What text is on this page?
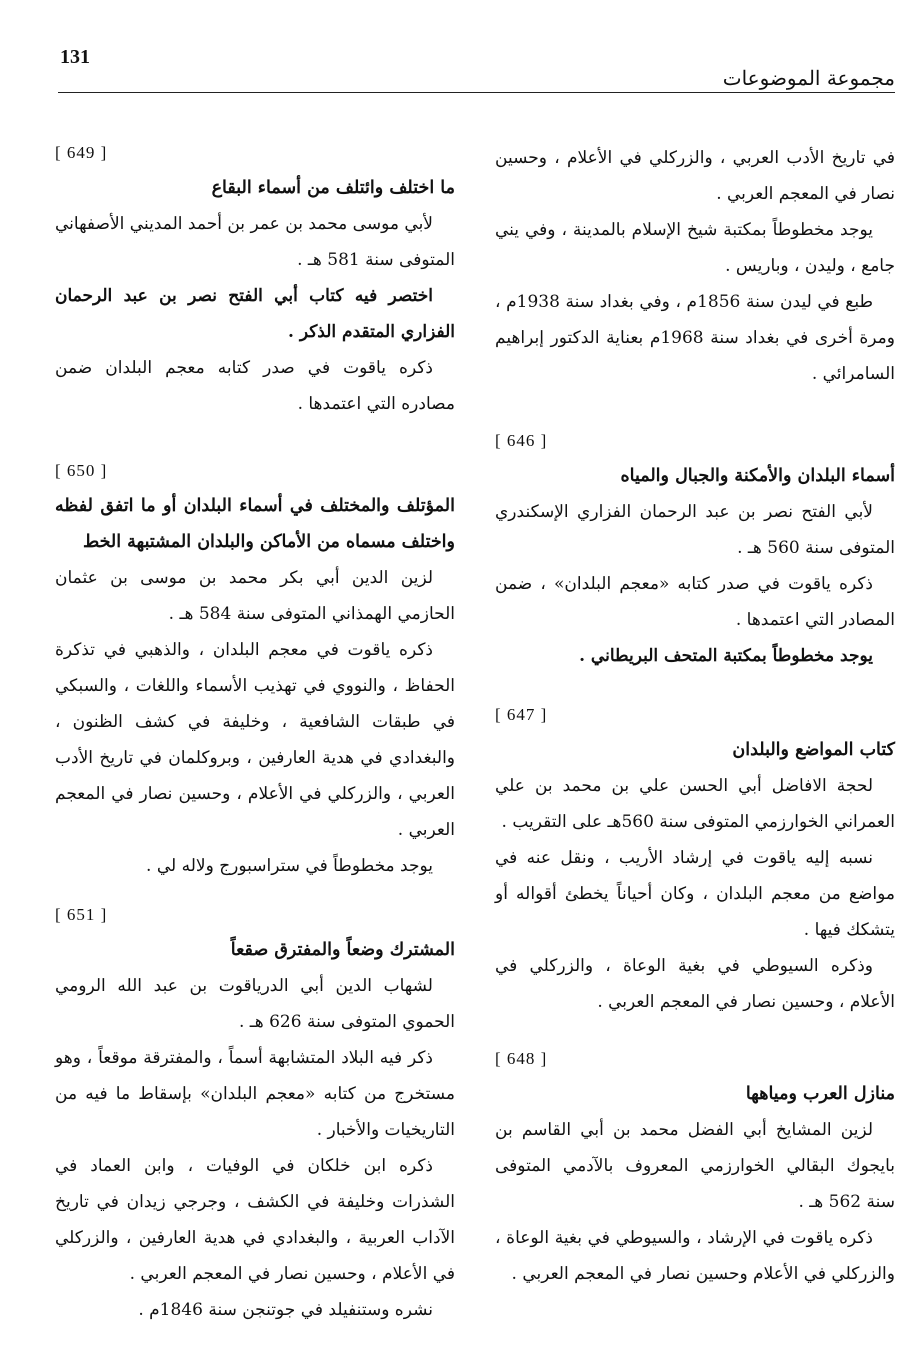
131
مجموعة الموضوعات

في تاريخ الأدب العربي ، والزركلي في الأعلام ، وحسين نصار في المعجم العربي .

يوجد مخطوطاً بمكتبة شيخ الإسلام بالمدينة ، وفي يني جامع ، وليدن ، وباريس .

طبع في ليدن سنة 1856م ، وفي بغداد سنة 1938م ، ومرة أخرى في بغداد سنة 1968م بعناية الدكتور إبراهيم السامرائي .

[ 646 ]
أسماء البلدان والأمكنة والجبال والمياه

لأبي الفتح نصر بن عبد الرحمان الفزاري الإسكندري المتوفى سنة 560 هـ .

ذكره ياقوت في صدر كتابه «معجم البلدان» ، ضمن المصادر التي اعتمدها .

يوجد مخطوطاً بمكتبة المتحف البريطاني .

[ 647 ]
كتاب المواضع والبلدان

لحجة الافاضل أبي الحسن علي بن محمد بن علي العمراني الخوارزمي المتوفى سنة 560هـ على التقريب .

نسبه إليه ياقوت في إرشاد الأريب ، ونقل عنه في مواضع من معجم البلدان ، وكان أحياناً يخطئ أقواله أو يتشكك فيها .

وذكره السيوطي في بغية الوعاة ، والزركلي في الأعلام ، وحسين نصار في المعجم العربي .

[ 648 ]
منازل العرب ومياهها

لزين المشايخ أبي الفضل محمد بن أبي القاسم بن بايجوك البقالي الخوارزمي المعروف بالآدمي المتوفى سنة 562 هـ .

ذكره ياقوت في الإرشاد ، والسيوطي في بغية الوعاة ، والزركلي في الأعلام وحسين نصار في المعجم العربي .

[ 649 ]
ما اختلف وائتلف من أسماء البقاع

لأبي موسى محمد بن عمر بن أحمد المديني الأصفهاني المتوفى سنة 581 هـ .

اختصر فيه كتاب أبي الفتح نصر بن عبد الرحمان الفزاري المتقدم الذكر .

ذكره ياقوت في صدر كتابه معجم البلدان ضمن مصادره التي اعتمدها .

[ 650 ]
المؤتلف والمختلف في أسماء البلدان أو ما اتفق لفظه واختلف مسماه من الأماكن والبلدان المشتبهة الخط

لزين الدين أبي بكر محمد بن موسى بن عثمان الحازمي الهمذاني المتوفى سنة 584 هـ .

ذكره ياقوت في معجم البلدان ، والذهبي في تذكرة الحفاظ ، والنووي في تهذيب الأسماء واللغات ، والسبكي في طبقات الشافعية ، وخليفة في كشف الظنون ، والبغدادي في هدية العارفين ، وبروكلمان في تاريخ الأدب العربي ، والزركلي في الأعلام ، وحسين نصار في المعجم العربي .

يوجد مخطوطاً في ستراسبورج ولاله لي .

[ 651 ]
المشترك وضعاً والمفترق صقعاً

لشهاب الدين أبي الدرياقوت بن عبد الله الرومي الحموي المتوفى سنة 626 هـ .

ذكر فيه البلاد المتشابهة أسماً ، والمفترقة موقعاً ، وهو مستخرج من كتابه «معجم البلدان» بإسقاط ما فيه من التاريخيات والأخبار .

ذكره ابن خلكان في الوفيات ، وابن العماد في الشذرات وخليفة في الكشف ، وجرجي زيدان في تاريخ الآداب العربية ، والبغدادي في هدية العارفين ، والزركلي في الأعلام ، وحسين نصار في المعجم العربي .

نشره وستنفيلد في جوتنجن سنة 1846م .
